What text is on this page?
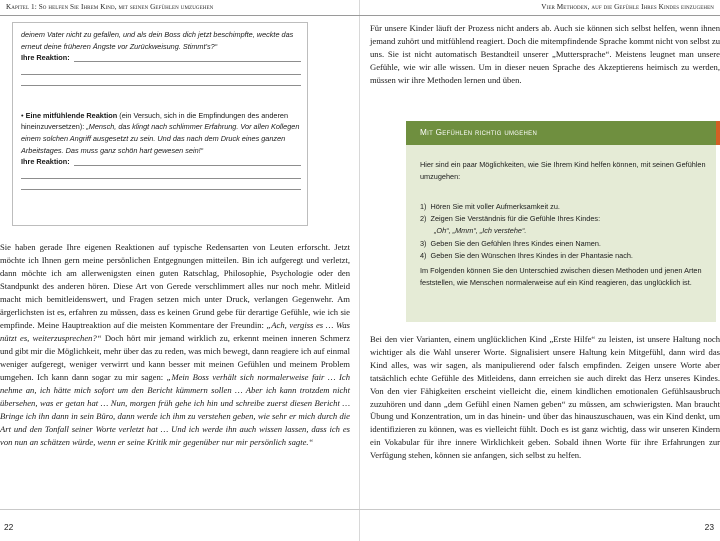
Kapitel 1: So helfen Sie Ihrem Kind, mit seinen Gefühlen umzugehen

deinem Vater nicht zu gefallen, und als dein Boss dich jetzt beschimpfte, weckte das erneut deine früheren Ängste vor Zurückweisung. Stimmt’s?“

Ihre Reaktion:

• Eine mitfühlende Reaktion (ein Versuch, sich in die Empfindungen des anderen hineinzuversetzen): „Mensch, das klingt nach schlimmer Erfahrung. Vor allen Kollegen einem solchen Angriff ausgesetzt zu sein. Und das nach dem Druck eines ganzen Arbeitstages. Das muss ganz schön hart gewesen sein!“

Ihre Reaktion:

Sie haben gerade Ihre eigenen Reaktionen auf typische Redensarten von Leuten erforscht. Jetzt möchte ich Ihnen gern meine persönlichen Entgegnungen mitteilen. Bin ich aufgeregt und verletzt, dann möchte ich am allerwenigsten einen guten Ratschlag, Philosophie, Psychologie oder den Standpunkt des anderen hören. Diese Art von Gerede verschlimmert alles nur noch mehr. Mitleid macht mich bemitleidenswert, und Fragen setzen mich unter Druck, verlangen Gegenwehr. Am ärgerlichsten ist es, erfahren zu müssen, dass es keinen Grund gebe für derartige Gefühle, wie ich sie empfinde. Meine Hauptreaktion auf die meisten Kommentare der Freundin: „Ach, vergiss es … Was nützt es, weiterzusprechen?“ Doch hört mir jemand wirklich zu, erkennt meinen inneren Schmerz und gibt mir die Möglichkeit, mehr über das zu reden, was mich bewegt, dann reagiere ich auf einmal weniger aufgeregt, weniger verwirrt und kann besser mit meinen Gefühlen und meinem Problem umgehen. Ich kann dann sogar zu mir sagen: „Mein Boss verhält sich normalerweise fair … Ich nehme an, ich hätte mich sofort um den Bericht kümmern sollen … Aber ich kann trotzdem nicht übersehen, was er getan hat … Nun, morgen früh gehe ich hin und schreibe zuerst diesen Bericht … Bringe ich ihn dann in sein Büro, dann werde ich ihm zu verstehen geben, wie sehr er mich durch die Art und den Tonfall seiner Worte verletzt hat … Und ich werde ihn auch wissen lassen, dass ich es von nun an schätzen würde, wenn er seine Kritik mir gegenüber nur mir persönlich sagte.“

22
Vier Methoden, auf die Gefühle Ihres Kindes einzugehen

Für unsere Kinder läuft der Prozess nicht anders ab. Auch sie können sich selbst helfen, wenn ihnen jemand zuhört und mitfühlend reagiert. Doch die mitempfindende Sprache kommt nicht von selbst zu uns. Sie ist nicht automatisch Bestandteil unserer „Muttersprache“. Meistens leugnet man unsere Gefühle, wie wir alle wissen. Um in dieser neuen Sprache des Akzeptierens heimisch zu werden, müssen wir ihre Methoden lernen und üben.

Mit Gefühlen richtig umgehen

Hier sind ein paar Möglichkeiten, wie Sie Ihrem Kind helfen können, mit seinen Gefühlen umzugehen:

1)  Hören Sie mit voller Aufmerksamkeit zu.
2)  Zeigen Sie Verständnis für die Gefühle Ihres Kindes:
„Oh“, „Mmm“, „Ich verstehe“.
3)  Geben Sie den Gefühlen Ihres Kindes einen Namen.
4)  Geben Sie den Wünschen Ihres Kindes in der Phantasie nach.

Im Folgenden können Sie den Unterschied zwischen diesen Methoden und jenen Arten feststellen, wie Menschen normalerweise auf ein Kind reagieren, das unglücklich ist.

Bei den vier Varianten, einem unglücklichen Kind „Erste Hilfe“ zu leisten, ist unsere Haltung noch wichtiger als die Wahl unserer Worte. Signalisiert unsere Haltung kein Mitgefühl, dann wird das Kind alles, was wir sagen, als manipulierend oder falsch empfinden. Zeigen unsere Worte aber tatsächlich echte Gefühle des Mitleidens, dann erreichen sie auch direkt das Herz unseres Kindes. Von den vier Fähigkeiten erscheint vielleicht die, einem kindlichen emotionalen Gefühlsausbruch zuzuhören und dann „dem Gefühl einen Namen geben“ zu müssen, am schwierigsten. Man braucht Übung und Konzentration, um in das hinein- und über das hinauszuschauen, was ein Kind denkt, um identifizieren zu können, was es vielleicht fühlt. Doch es ist ganz wichtig, dass wir unseren Kindern ein Vokabular für ihre innere Wirklichkeit geben. Sobald ihnen Worte für ihre Erfahrungen zur Verfügung stehen, können sie anfangen, sich selbst zu helfen.

23
